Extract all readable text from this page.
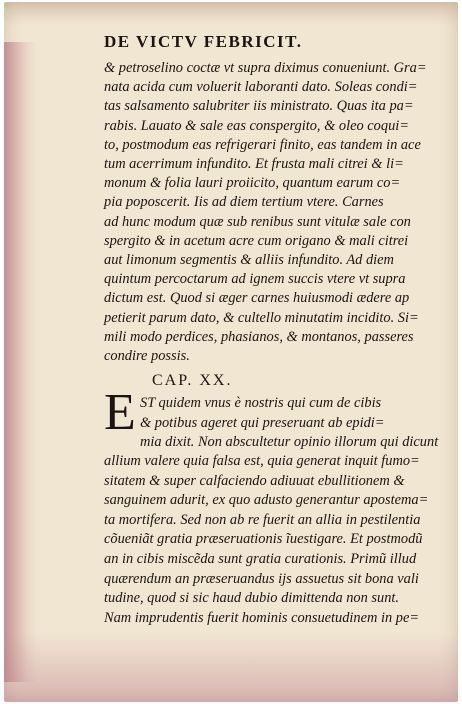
DE VICTV FEBRICIT.
& petroselino coctæ vt supra diximus conueniunt. Gra=
nata acida cum voluerit laboranti dato. Soleas condi=
tas salsamento salubriter iis ministrato. Quas ita pa=
rabis. Lauato & sale eas conspergito, & oleo coqui=
to, postmodum eas refrigerari finito, eas tandem in ace
tum acerrimum infundito. Et frusta mali citrei & li=
monum & folia lauri proiicito, quantum earum co=
pia poposcerit. Iis ad diem tertium vtere. Carnes
ad hunc modum quæ sub renibus sunt vitulæ sale con
spergito & in acetum acre cum origano & mali citrei
aut limonum segmentis & alliis infundito. Ad diem
quintum percoctarum ad ignem succis vtere vt supra
dictum est. Quod si æger carnes huiusmodi ædere ap
petierit parum dato, & cultello minutatim incidito. Si=
mili modo perdices, phasianos, & montanos, passeres
condire possis.
CAP. XX.
E ST quidem vnus è nostris qui cum de cibis
& potibus ageret qui preseruant ab epidi=
mia dixit. Non abscultetur opinio illorum qui dicunt
allium valere quia falsa est, quia generat inquit fumo=
sitatem & super calfaciendo adiuuat ebullitionem &
sanguinem adurit, ex quo adusto generantur apostema=
ta mortifera. Sed non ab re fuerit an allia in pestilentia
cõueniãt gratia præseruationis ĩuestigare. Et postmodũ
an in cibis miscẽda sunt gratia curationis. Primũ illud
quærendum an præseruandus ijs assuetus sit bona vali
tudine, quod si sic haud dubio dimittenda non sunt.
Nam imprudentis fuerit hominis consuetudinem in pe=
